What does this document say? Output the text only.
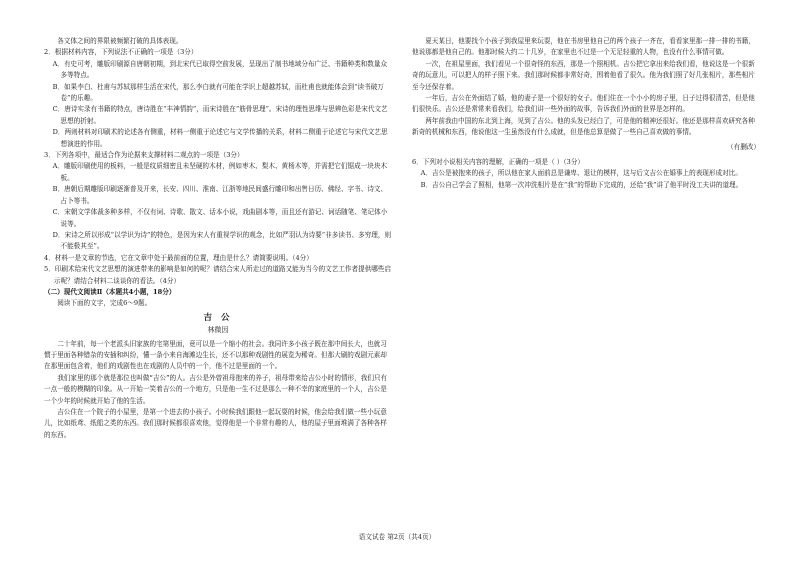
各文体之间的界限被频繁打破的具体表现。

2．根据材料内容，下列说法不正确的一项是（3分）

A．有史可考，雕版印刷源自唐朝初期，到北宋代已取得空前发展，呈现出了制书地域分布广泛、书籍种类和数量众多等特点。

B．如果李白、杜甫与苏轼那样生活在宋代，那么李白就有可能在学识上超越苏轼，而杜甫也就能体会到“读书破万卷”的乐趣。

C．唐诗实录有书籍的特点，唐诗胜在“丰神情韵”，而宋诗胜在“筋骨思理”。宋诗的理性思维与思辨色彩是宋代文艺思想的折射。

D．两则材料对印刷术的论述各有侧重，材料一侧重于论述它与文学传播的关系，材料二侧重于论述它与宋代文艺思想演进的作用。

3．下列各项中，最适合作为论据来支撑材料二观点的一项是（3分）

A．雕版印刷使用的板料，一般是纹质细密且未坚硬的木材，例如枣木、梨木、黄杨木等，并需把它们锯成一块块木板。

B．唐朝后期雕版印刷逐渐普及开来，长安、四川、淮南、江浙等地民间盛行雕印和出售日历、佛经、字书、诗文、占卜等书。

C．宋朝文学体裁多种多样，不仅有词、诗歌、散文、话本小说，戏曲剧本等，而且还有游记、词话随笔、笔记体小说等。

D．宋诗之所以形成“以学识为诗”的特色，是因为宋人有重视学识的观念，比如严羽认为诗要“非多读书、多穷理，则不能极其至”。

4．材料一是文章的节选，它在文章中处于最前面的位置，理由是什么？请简要说明。（4分）

5．印刷术给宋代文艺思想的演进带来的影响是如何的呢？请结合宋人所走过的道路又能为当今的文艺工作者提供哪些启示呢？请结合材料二谈谈你的看法。（4分）

（二）现代文阅读Ⅱ（本题共4小题，18分）

阅读下面的文字，完成6～9题。

吉 公

林微因

二十年前，每一个老派头旧家族的宅第里面，竟可以是一个缩小的社会。我同许多小孩子既在那中间长大，也就习惯于里面各种错杂的安插和纠纷，懂一条小来自海滩边生长，还不以那种戏剧性的展览为稀奇。但那大刷的戏剧元素却在那里面包含着，他们的戏剧性也在戏剧的人员中的一个，他不过是里面的一个。

我们家里的那个就是那位也叫做“吉公”的人。吉公是外曾祖母抱来的养子，祖母带来给吉公小时的情形，我们只有一点一般的模糊的印象。从一开始一笑着吉公的一个地方，只是他一生不过是那么一种不幸的家庭里的一个人，吉公是一个少年的时候就开始了他的生活。

吉公住在一个院子的小屋里，是第一个进去的小孩子。小时候我们跟他一起玩耍的时候，他会给我们做一些小玩意儿，比如纸鸢、纸船之类的东西。我们那时候都很喜欢他，觉得他是一个非常有趣的人，他的屋子里面堆满了各种各样的东西。

夏天某日，他要找个小孩子到我屋里来玩耍，他在书房里他自己的两个孩子一齐在，看看家里那一排一排的书籍，他说那都是他自己的。他那时候大约二十几岁，在家里也不过是一个无足轻重的人物，也没有什么事情可做。

一次，在祖屋里面，我们看见一个很奇怪的东西，那是一个照相机。吉公把它拿出来给我们看，他说这是一个很新奇的玩意儿，可以把人的样子照下来。我们那时候都非常好奇，围着他看了很久。他为我们照了好几张相片，那些相片至今还保存着。

一年后，吉公在外面结了婚，他的妻子是一个很好的女子。他们住在一个小小的房子里，日子过得很清苦，但是他们很快乐。吉公还是常常来看我们，给我们讲一些外面的故事，告诉我们外面的世界是怎样的。

两年前我由中国的东北到上海，见到了吉公。他的头发已经白了，可是他的精神还很好。他还是那样喜欢研究各种新奇的机械和东西，他说他这一生虽然没有什么成就，但是他总算是做了一些自己喜欢做的事情。

（有删改）

6．下列对小说相关内容的理解，正确的一项是（ ）（3分）

A．吉公是被抱来的孩子，所以他在家人面前总是谦卑、退让的模样，这与后文吉公在婚事上的表现形成对比。

B．吉公自己学会了照相，他第一次冲洗相片是在“我”的帮助下完成的，还给“我”讲了他平时没工夫讲的道理。

语文试卷 第2页（共4页）
